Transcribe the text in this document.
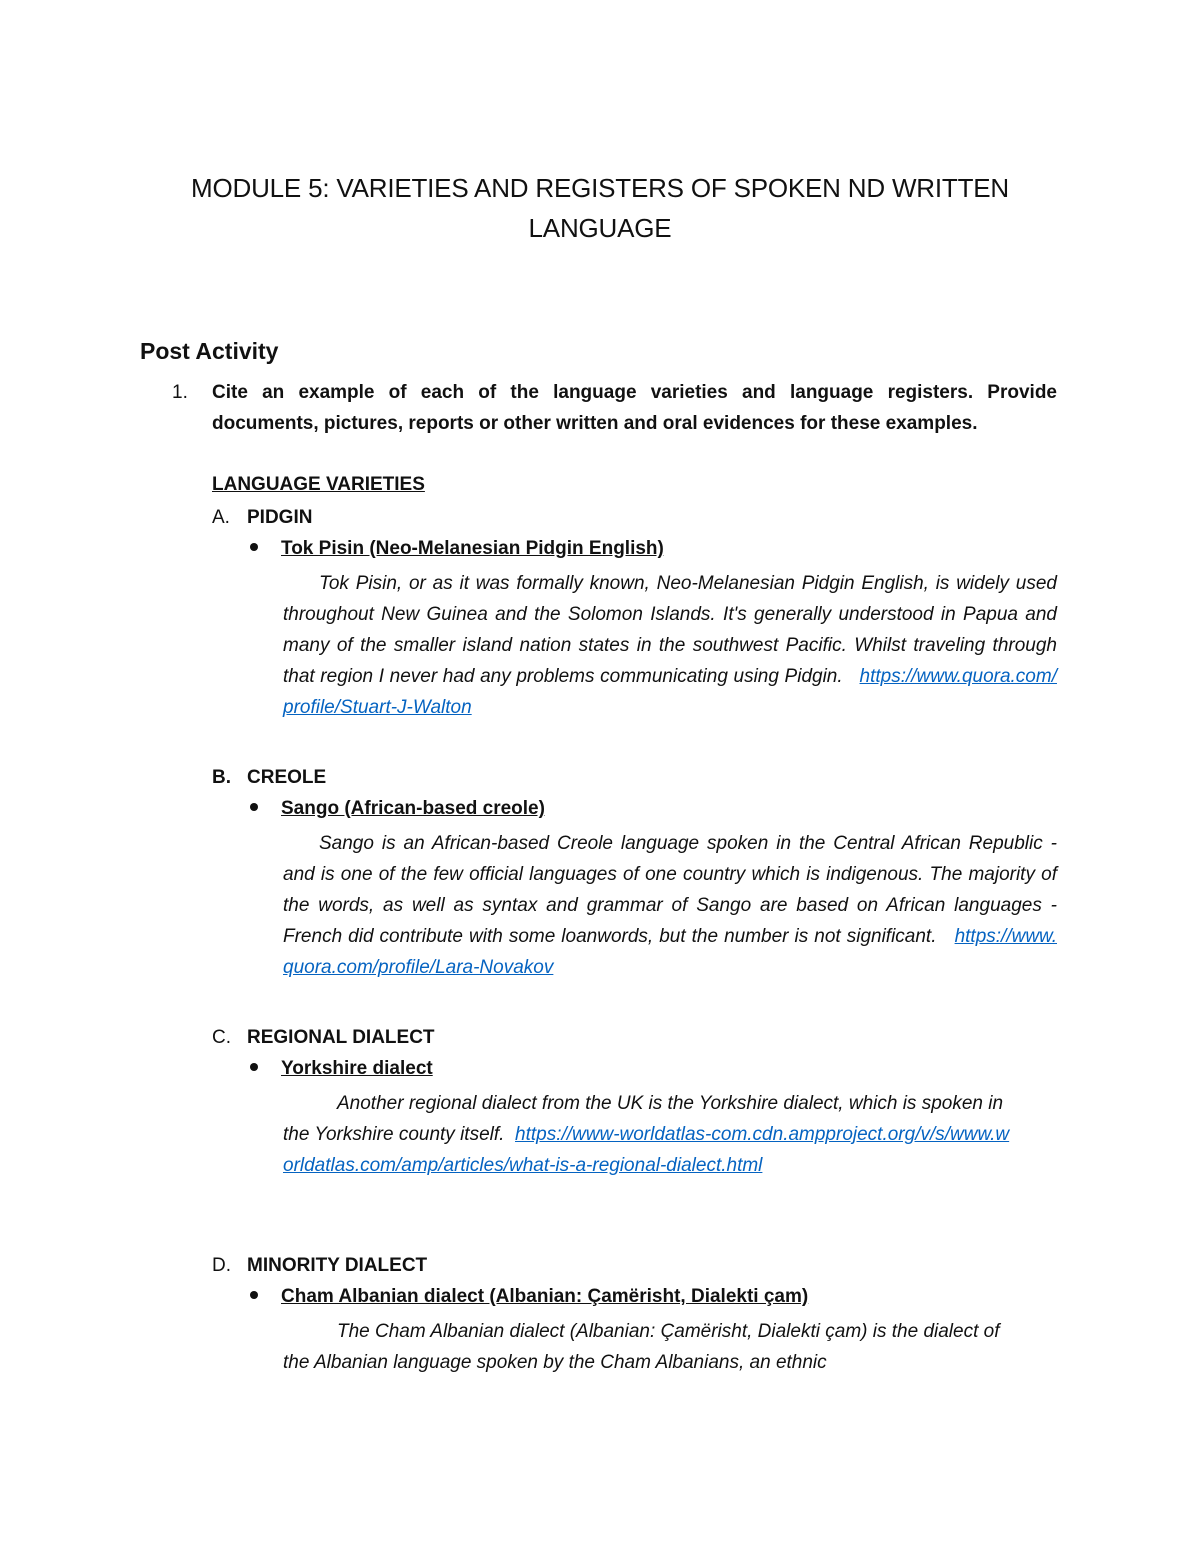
MODULE 5: VARIETIES AND REGISTERS OF SPOKEN ND WRITTEN
LANGUAGE
Post Activity
1. Cite an example of each of the language varieties and language registers. Provide documents, pictures, reports or other written and oral evidences for these examples.
LANGUAGE VARIETIES
A. PIDGIN
Tok Pisin (Neo-Melanesian Pidgin English)
Tok Pisin, or as it was formally known, Neo-Melanesian Pidgin English, is widely used throughout New Guinea and the Solomon Islands. It's generally understood in Papua and many of the smaller island nation states in the southwest Pacific. Whilst traveling through that region I never had any problems communicating using Pidgin. https://www.quora.com/profile/Stuart-J-Walton
B. CREOLE
Sango (African-based creole)
Sango is an African-based Creole language spoken in the Central African Republic - and is one of the few official languages of one country which is indigenous. The majority of the words, as well as syntax and grammar of Sango are based on African languages - French did contribute with some loanwords, but the number is not significant. https://www.quora.com/profile/Lara-Novakov
C. REGIONAL DIALECT
Yorkshire dialect
Another regional dialect from the UK is the Yorkshire dialect, which is spoken in the Yorkshire county itself. https://www-worldatlas-com.cdn.ampproject.org/v/s/www.worldatlas.com/amp/articles/what-is-a-regional-dialect.html
D. MINORITY DIALECT
Cham Albanian dialect (Albanian: Çamërisht, Dialekti çam)
The Cham Albanian dialect (Albanian: Çamërisht, Dialekti çam) is the dialect of the Albanian language spoken by the Cham Albanians, an ethnic
